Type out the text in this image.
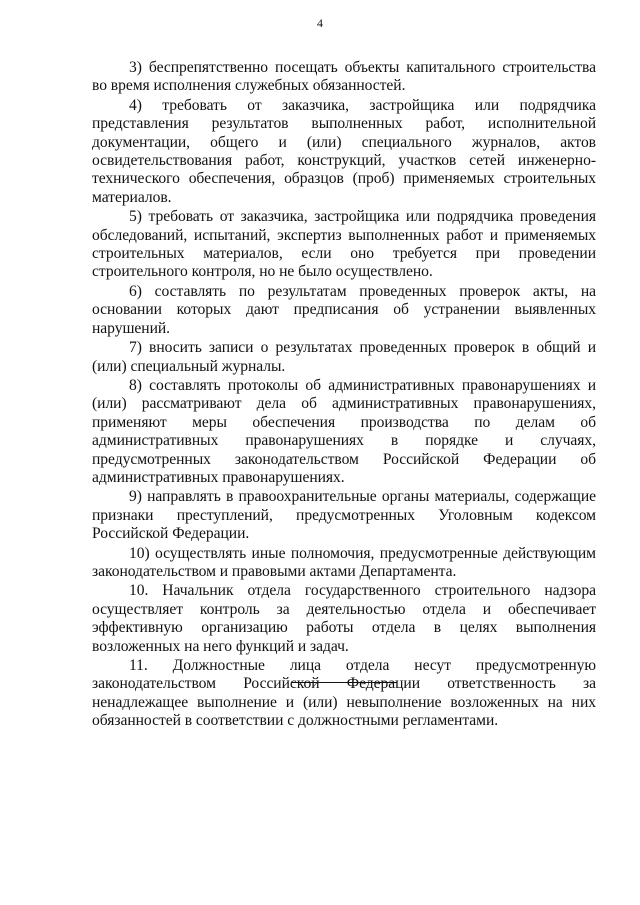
4

3) беспрепятственно посещать объекты капитального строительства во время исполнения служебных обязанностей.

4) требовать от заказчика, застройщика или подрядчика представления результатов выполненных работ, исполнительной документации, общего и (или) специального журналов, актов освидетельствования работ, конструкций, участков сетей инженерно-технического обеспечения, образцов (проб) применяемых строительных материалов.

5) требовать от заказчика, застройщика или подрядчика проведения обследований, испытаний, экспертиз выполненных работ и применяемых строительных материалов, если оно требуется при проведении строительного контроля, но не было осуществлено.

6) составлять по результатам проведенных проверок акты, на основании которых дают предписания об устранении выявленных нарушений.

7) вносить записи о результатах проведенных проверок в общий и (или) специальный журналы.

8) составлять протоколы об административных правонарушениях и (или) рассматривают дела об административных правонарушениях, применяют меры обеспечения производства по делам об административных правонарушениях в порядке и случаях, предусмотренных законодательством Российской Федерации об административных правонарушениях.

9) направлять в правоохранительные органы материалы, содержащие признаки преступлений, предусмотренных Уголовным кодексом Российской Федерации.

10) осуществлять иные полномочия, предусмотренные действующим законодательством и правовыми актами Департамента.

10. Начальник отдела государственного строительного надзора осуществляет контроль за деятельностью отдела и обеспечивает эффективную организацию работы отдела в целях выполнения возложенных на него функций и задач.

11. Должностные лица отдела несут предусмотренную законодательством Российской Федерации ответственность за ненадлежащее выполнение и (или) невыполнение возложенных на них обязанностей в соответствии с должностными регламентами.
